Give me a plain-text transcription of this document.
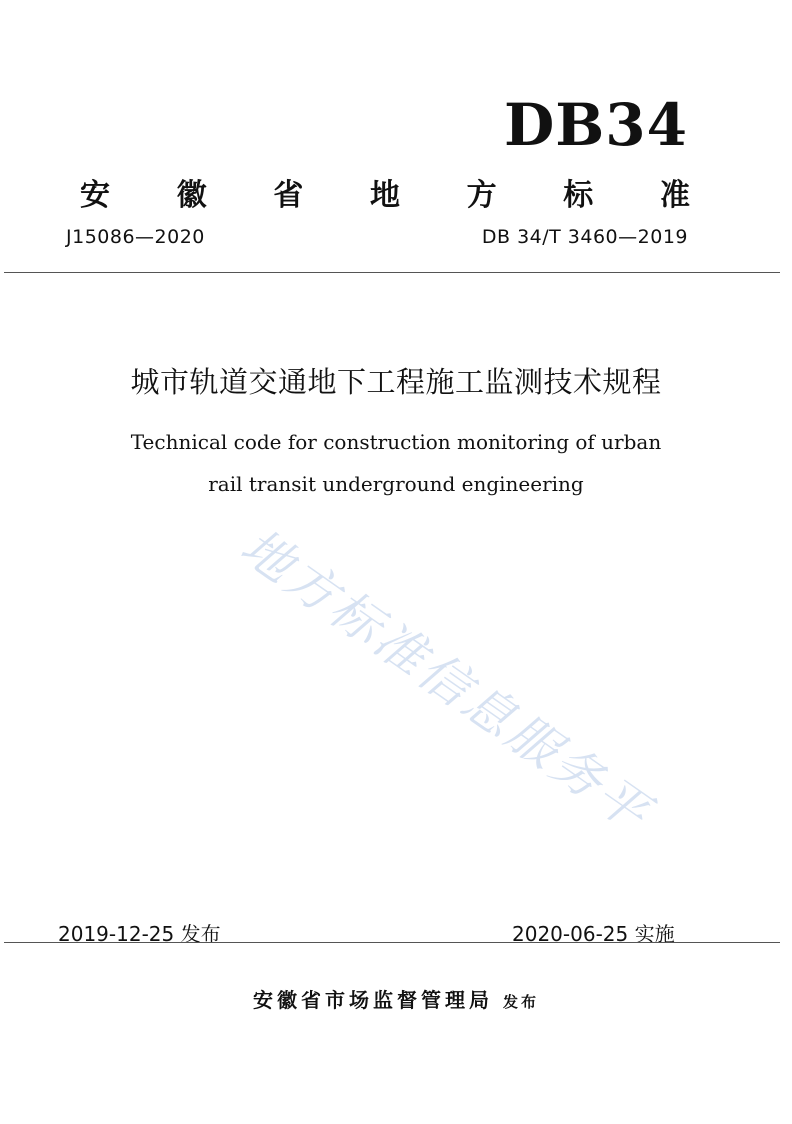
DB34
安 徽 省 地 方 标 准
J15086—2020	DB 34/T 3460—2019
城市轨道交通地下工程施工监测技术规程
Technical code for construction monitoring of urban
rail transit underground engineering
地方标准信息服务平
2019-12-25 发布	2020-06-25 实施
安徽省市场监督管理局 发布
